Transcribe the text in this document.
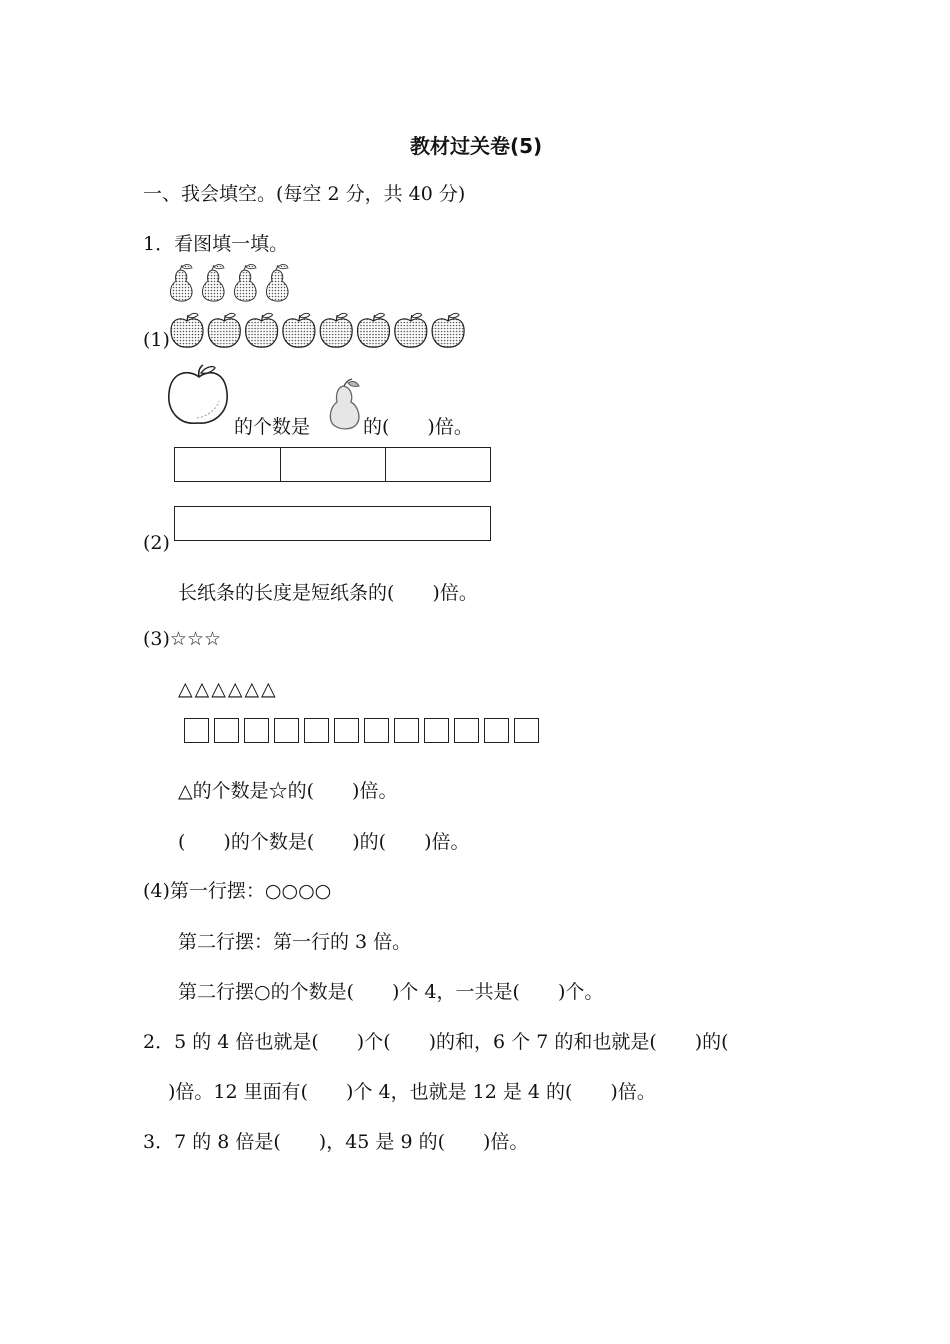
教材过关卷(5)
一、我会填空。(每空 2 分，共 40 分)
1．看图填一填。
(1)
的个数是	的(　　)倍。
(2)
长纸条的长度是短纸条的(　　)倍。
(3)☆☆☆
△△△△△△
△的个数是☆的(　　)倍。
(　　)的个数是(　　)的(　　)倍。
(4)第一行摆：○○○○
第二行摆：第一行的 3 倍。
第二行摆○的个数是(　　)个 4，一共是(　　)个。
2．5 的 4 倍也就是(　　)个(　　)的和，6 个 7 的和也就是(　　)的(
)倍。12 里面有(　　)个 4，也就是 12 是 4 的(　　)倍。
3．7 的 8 倍是(　　)，45 是 9 的(　　)倍。
